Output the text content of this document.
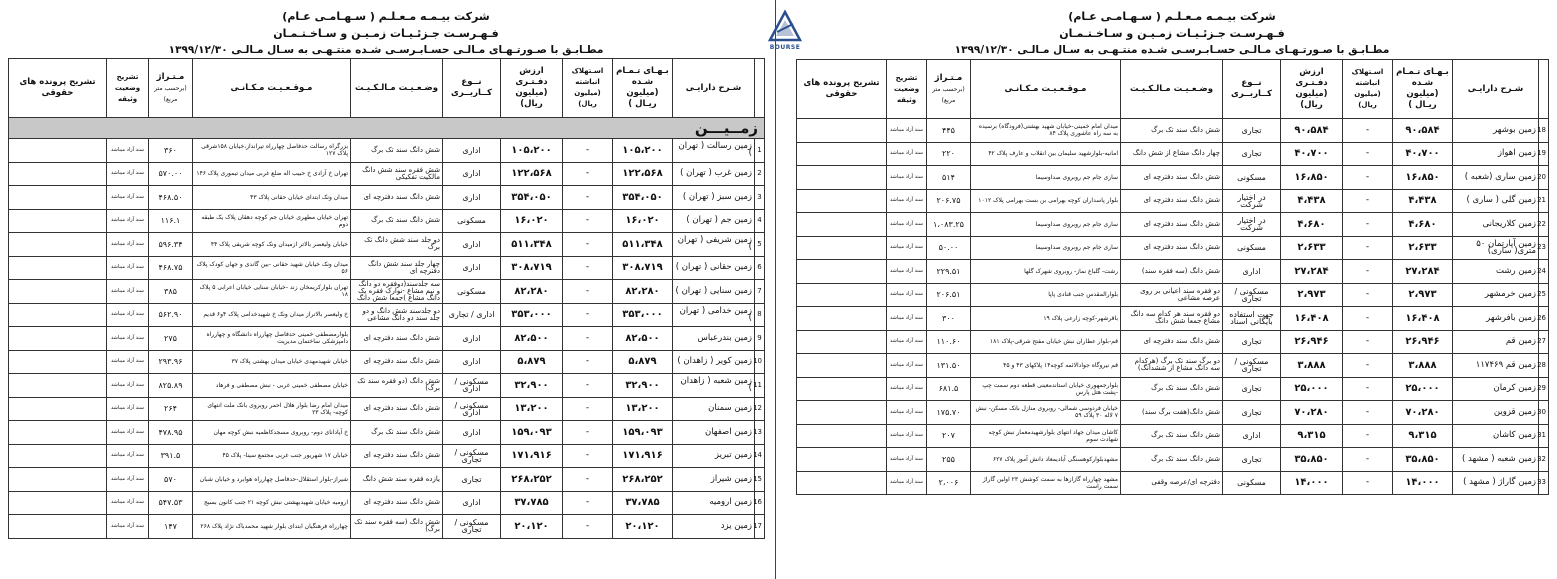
شرکت بیـمـه مـعـلـم ( سـهـامـی عـام)
فـهـرسـت جـزئـیـات زمـیـن و سـاخـتـمـان
مطـابـق با صـورتـهـای مـالـی حسـابـرسـی شـده منتـهـی به سـال مـالـی ۱۳۹۹/۱۲/۳۰
	شـرح دارایـی	بـهـای تـمـام شـده (میلیون ریـال )	اسـتهلاک انباشته (میلیون ریال)	ارزش دفـتـری (میلیون ریال)	نــوع کــاربــری	وضـعـیـت مـالـکـیـت	مـوقـعـیـت مـکـانـی	مـتـراژ
(برحسب متر مربع)	تشریح وضعیت وثیقه	تشریح پرونده های حقوقی
زمــیـــن										
1	زمین رسالت ( تهران )	۱۰۵،۲۰۰	-	۱۰۵،۲۰۰	اداری	شش دانگ سند تک برگ	بزرگراه رسالت حدفاصل چهارراه تیرانداز،خیابان ۱۵۸شرقی پلاک ۱۲۷	۳۶۰	سند آزاد میباشد	
2	زمین غرب ( تهران )	۱۲۲،۵۶۸	-	۱۲۲،۵۶۸	اداری	شش فقره سند شش دانگ مالکیت تفکیکی	تهران خ آزادی خ حبیب اله ضلع غربی میدان تیموری پلاک ۱۴۶	۵۷۰.۰۰	سند آزاد میباشد	
3	زمین سبز ( تهران )	۳۵۴،۰۵۰	-	۳۵۴،۰۵۰	اداری	شش دانگ سند دفترچه ای	میدان ونک ابتدای خیابان حقانی پلاک ۴۳	۴۶۸.۵۰	سند آزاد میباشد	
4	زمین جم ( تهران )	۱۶،۰۲۰	-	۱۶،۰۲۰	مسکونی	شش دانگ سند تک برگ	تهران خیابان مطهری خیابان جم کوچه دهقان پلاک یک طبقه دوم	۱۱۶.۱	سند آزاد میباشد	
5	زمین شریفی ( تهران )	۵۱۱،۳۴۸	-	۵۱۱،۳۴۸	اداری	دو جلد سند شش دانگ تک برگ	خیابان ولیعصر بالاتر ازمیدان ونک کوچه شریفی پلاک ۴۴	۵۹۶.۳۴	سند آزاد میباشد	
6	زمین حقانی ( تهران )	۳۰۸،۷۱۹	-	۳۰۸،۷۱۹	اداری	چهار جلد سند شش دانگ دفترچه ای	میدان ونک خیابان شهید حقانی -بین گاندی و جهان کودک پلاک ۵۶	۴۶۸.۷۵	سند آزاد میباشد	
7	زمین سنایی ( تهران )	۸۲،۲۸۰	-	۸۲،۲۸۰	مسکونی	سه جلدسند(دوفقره دو دانگ و نیم مشاع -نوارک فقره یک دانگ مشاع )جمعا شش دانگ	تهران بلوارکریمخان زند -خیابان سنایی خیابان اعرابی ۵ پلاک ۱۸	۳۸۵	سند آزاد میباشد	
8	زمین خدامی ( تهران )	۳۵۳،۰۰۰	-	۳۵۳،۰۰۰	اداری / تجاری	دو جلدسند شش دانگ و دو جلد سند دو دانگ مشاعی	خ ولیعصر بالاتراز میدان ونک خ شهیدخدامی پلاک ۴و۶ قدیم	۵۶۲.۹۰	سند آزاد میباشد	
9	زمین بندرعباس	۸۲،۵۰۰	-	۸۲،۵۰۰	اداری	شش دانگ سند دفترچه ای	بلوارمصطفی خمینی حدفاصل چهارراه دانشگاه و چهارراه دامپزشکی ساختمان مدیریت	۲۷۵	سند آزاد میباشد	
10	زمین کویر ( زاهدان )	۵،۸۷۹	-	۵،۸۷۹	اداری	شش دانگ سند دفترچه ای	خیابان شهیدمهدی خیابان میدان بهشتی پلاک ۳۷	۲۹۳.۹۶	سند آزاد میباشد	
11	زمین شعبه ( زاهدان )	۳۲،۹۰۰	-	۳۲،۹۰۰	مسکونی / اداری	شش دانگ (دو فقره سند تک برگ)	خیابان مصطفی خمینی غربی - نبش مصطفی و فرهاد	۸۲۵.۸۹	سند آزاد میباشد	
12	زمین سمنان	۱۳،۲۰۰	-	۱۳،۲۰۰	مسکونی / اداری	شش دانگ سند دفترچه ای	میدان امام رضا بلوار هلال احمر روبروی بانک ملت انتهای کوچه- پلاک ۲۳	۲۶۴	سند آزاد میباشد	
13	زمین اصفهان	۱۵۹،۰۹۳	-	۱۵۹،۰۹۳	اداری	شش دانگ سند تک برگ	خ آپادانای دوم- روبروی مسجدکاظمیه نبش کوچه مهان	۴۷۸.۹۵	سند آزاد میباشد	
14	زمین تبریز	۱۷۱،۹۱۶	-	۱۷۱،۹۱۶	مسکونی / تجاری	شش دانگ سند دفترچه ای	خیابان ۱۷ شهریور جنب غربی مجتمع سینا- پلاک ۴۵	۳۹۱.۵	سند آزاد میباشد	
15	زمین شیراز	۲۶۸،۲۵۲	-	۲۶۸،۲۵۲	تجاری	یازده فقره سند شش دانگ	شیراز-بلوار استقلال-حدفاصل چهارراه هوابرد و خیابان شبان	۵۷۰	سند آزاد میباشد	
16	زمین ارومیه	۳۷،۷۸۵	-	۳۷،۷۸۵	اداری	شش دانگ سند دفترچه ای	ارومیه خیابان شهیدبهشتی نبش کوچه ۲۱ جنب کانون بسیج	۵۴۷.۵۳	سند آزاد میباشد	
17	زمین یزد	۲۰،۱۲۰	-	۲۰،۱۲۰	مسکونی / تجاری	شش دانگ (سه فقره سند تک برگ)	چهارراه فرهنگیان ابتدای بلوار شهید محمدباک نژاد پلاک ۲۶۸	۱۴۷	سند آزاد میباشد	
BOURSE
شرکت بیـمـه مـعـلـم ( سـهـامـی عـام)
فـهـرسـت جـزئـیـات زمـیـن و سـاخـتـمـان
مطـابـق با صـورتـهـای مـالـی حسـابـرسـی شـده منتـهـی به سـال مـالـی ۱۳۹۹/۱۲/۳۰
	شـرح دارایـی	بـهـای تـمـام شـده (میلیون ریـال )	اسـتهلاک انباشته (میلیون ریال)	ارزش دفـتـری (میلیون ریال)	نــوع کــاربــری	وضـعـیـت مـالـکـیـت	مـوقـعـیـت مـکـانـی	مـتـراژ
(برحسب متر مربع)	تشریح وضعیت وثیقه	تشریح پرونده های حقوقی
18	زمین بوشهر	۹۰،۵۸۴	-	۹۰،۵۸۴	تجاری	شش دانگ سند تک برگ	میدان امام خمینی-خیابان شهید بهشتی(فرودگاه) برسیده به سه راه عاشوری پلاک ۸۴	۴۴۵	سند آزاد میباشد	
19	زمین اهواز	۴۰،۷۰۰	-	۴۰،۷۰۰	تجاری	چهار دانگ مشاع از شش دانگ	امانیه-بلوارشهید سلیمان بین انقلاب و عارف پلاک ۴۲	۲۲۰	سند آزاد میباشد	
20	زمین ساری (شعبه )	۱۶،۸۵۰	-	۱۶،۸۵۰	مسکونی	شش دانگ سند دفترچه ای	ساری جام جم روبروی صداوسیما	۵۱۴	سند آزاد میباشد	
21	زمین گلی ( ساری )	۴،۴۳۸	-	۴،۴۳۸	در اختیار شرکت	شش دانگ سند دفترچه ای	بلوار پاسداران کوچه بهرامی بن بست بهرامی پلاک ۱۰۱۲	۲۰۶.۷۵	سند آزاد میباشد	
22	زمین کلاریجانی	۴،۶۸۰	-	۴،۶۸۰	در اختیار شرکت	شش دانگ سند دفترچه ای	ساری جام جم روبروی صداوسیما	۱،۰۸۳.۲۵	سند آزاد میباشد	
23	زمین آپارتمان ۵۰ متری( ساری)	۲،۶۳۳	-	۲،۶۳۳	مسکونی	شش دانگ سند دفترچه ای	ساری جام جم روبروی صداوسیما	۵۰.۰۰	سند آزاد میباشد	
24	زمین رشت	۲۷،۲۸۴	-	۲۷،۲۸۴	اداری	شش دانگ (سه فقره سند)	رشت- گلباغ نماز- روبروی شهرک گلها	۲۲۹.۵۱	سند آزاد میباشد	
25	زمین خرمشهر	۲،۹۷۳	-	۲،۹۷۳	مسکونی / تجاری	دو فقره سند اعیانی بر روی عرصه مشاعی	بلوارالمقدس جنب قنادی پاپا	۲۰۶.۵۱	سند آزاد میباشد	
26	زمین بافرشهر	۱۶،۴۰۸	-	۱۶،۴۰۸	جهت استفاده بایگانی اسناد	دو فقره سند هر کدام سه دانگ مشاع جمعا شش دانگ	باقرشهر-کوچه زارعی پلاک ۱۹	۳۰۰	سند آزاد میباشد	
27	زمین قم	۲۶،۹۴۶	-	۲۶،۹۴۶	تجاری	شش دانگ سند دفترچه ای	قم-بلوار عطاران نبش خیابان مفتح شرقی-پلاک ۱۸۱	۱۱۰.۶۰	سند آزاد میباشد	
28	زمین قم ۱۱۷۴۶۹	۳،۸۸۸	-	۳،۸۸۸	مسکونی / تجاری	دو برگ سند تک برگ (هرکدام سه دانگ مشاع از ششدانگ)	قم نیروگاه جوادالائمه کوچه۱۴ پلاکهای ۴۳ و ۴۵	۱۳۱.۵۰	سند آزاد میباشد	
29	زمین کرمان	۲۵،۰۰۰	-	۲۵،۰۰۰	تجاری	شش دانگ سند تک برگ	بلوارجمهوری خیابان استاندمعینی قطعه دوم سمت چپ -پشت هتل پارس	۶۸۱.۵	سند آزاد میباشد	
30	زمین قزوین	۷۰،۲۸۰	-	۷۰،۲۸۰	تجاری	شش دانگ(هفت برگ سند)	خیابان فردوسی شمالی- روبروی منازل بانک مسکن- نبش ۷ لاله ۳۰ پلاک ۵۹	۱۷۵.۷۰	سند آزاد میباشد	
31	زمین کاشان	۹،۳۱۵	-	۹،۳۱۵	اداری	شش دانگ سند تک برگ	کاشان میدان جهاد انتهای بلوارشهیدمعمار نبش کوچه شهادت سوم	۲۰۷	سند آزاد میباشد	
32	زمین شعبه ( مشهد )	۳۵،۸۵۰	-	۳۵،۸۵۰	تجاری	شش دانگ سند تک برگ	مشهدبلوارکوهسنگی آبادیمعاد دانش آموز پلاک ۶۲۷	۲۵۵	سند آزاد میباشد	
33	زمین گاراژ ( مشهد )	۱۴،۰۰۰	-	۱۴،۰۰۰	مسکونی	دفترچه ای/عرصه وقفی	مشهد چهارراه گازازها به سمت کوشش ۲۳ اولین گاراژ سمت راست	۲،۰۰۶	سند آزاد میباشد	
